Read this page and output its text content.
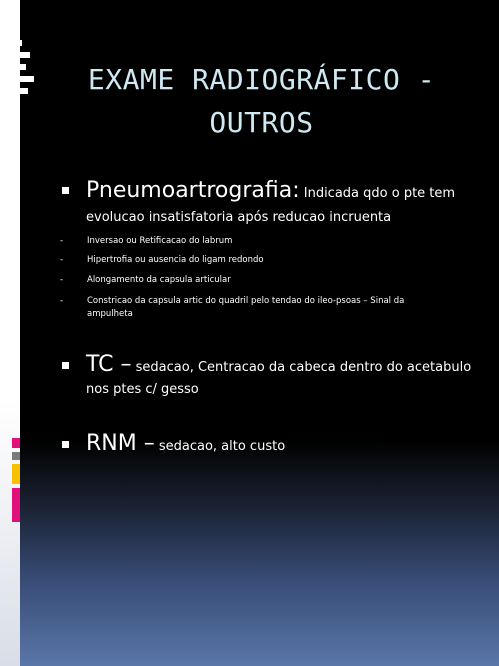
EXAME RADIOGRÁFICO -
OUTROS
Pneumoartrografia: Indicada qdo o pte tem
evolucao insatisfatoria após reducao incruenta
-	Inversao ou Retificacao do labrum
-	Hipertrofia ou ausencia do ligam redondo
-	Alongamento da capsula articular
-	Constricao da capsula artic do quadril pelo tendao do ileo-psoas – Sinal da
ampulheta
TC – sedacao, Centracao da cabeca dentro do acetabulo
nos ptes c/ gesso
RNM – sedacao, alto custo
